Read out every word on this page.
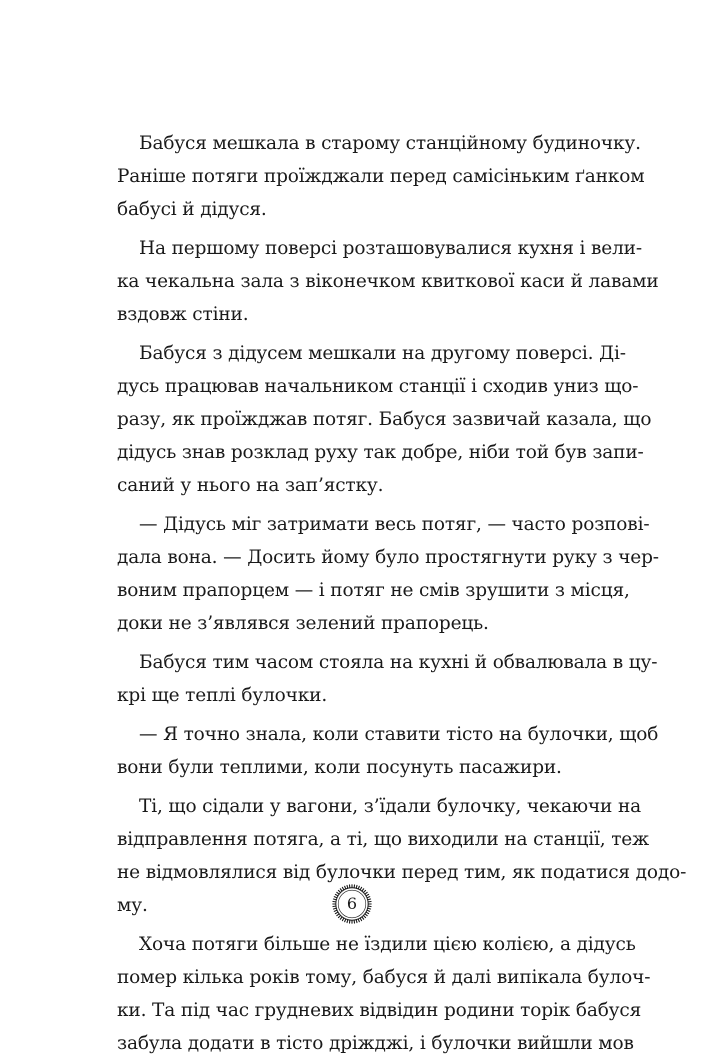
Бабуся мешкала в старому станційному будиночку.
Раніше потяги проїжджали перед самісіньким ґанком
бабусі й дідуся.
На першому поверсі розташовувалися кухня і вели-
ка чекальна зала з віконечком квиткової каси й лавами
вздовж стіни.
Бабуся з дідусем мешкали на другому поверсі. Ді-
дусь працював начальником станції і сходив униз що-
разу, як проїжджав потяг. Бабуся зазвичай казала, що
дідусь знав розклад руху так добре, ніби той був запи-
саний у нього на зап’ястку.
— Дідусь міг затримати весь потяг, — часто розпові-
дала вона. — Досить йому було простягнути руку з чер-
воним прапорцем — і потяг не смів зрушити з місця,
доки не з’являвся зелений прапорець.
Бабуся тим часом стояла на кухні й обвалювала в цу-
крі ще теплі булочки.
— Я точно знала, коли ставити тісто на булочки, щоб
вони були теплими, коли посунуть пасажири.
Ті, що сідали у вагони, з’їдали булочку, чекаючи на
відправлення потяга, а ті, що виходили на станції, теж
не відмовлялися від булочки перед тим, як податися додо-
му.
Хоча потяги більше не їздили цією колією, а дідусь
помер кілька років тому, бабуся й далі випікала булоч-
ки. Та під час грудневих відвідин родини торік бабуся
забула додати в тісто дріжджі, і булочки вийшли мов
6
